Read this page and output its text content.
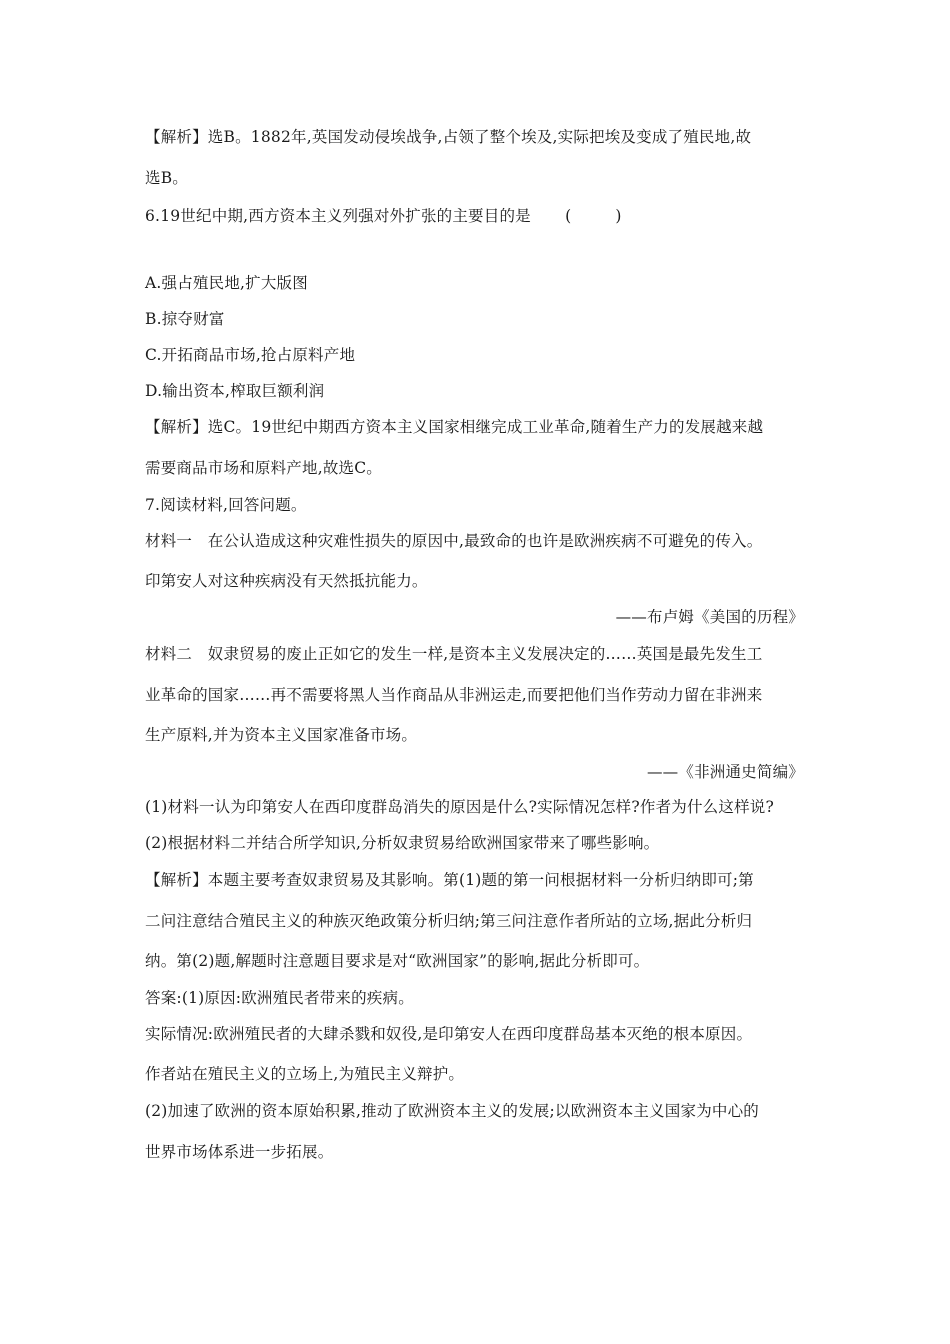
【解析】选B。1882年,英国发动侵埃战争,占领了整个埃及,实际把埃及变成了殖民地,故
选B。
6.19世纪中期,西方资本主义列强对外扩张的主要目的是 (	)
A.强占殖民地,扩大版图
B.掠夺财富
C.开拓商品市场,抢占原料产地
D.输出资本,榨取巨额利润
【解析】选C。19世纪中期西方资本主义国家相继完成工业革命,随着生产力的发展越来越
需要商品市场和原料产地,故选C。
7.阅读材料,回答问题。
材料一　在公认造成这种灾难性损失的原因中,最致命的也许是欧洲疾病不可避免的传入。
印第安人对这种疾病没有天然抵抗能力。
——布卢姆《美国的历程》
材料二　奴隶贸易的废止正如它的发生一样,是资本主义发展决定的……英国是最先发生工
业革命的国家……再不需要将黑人当作商品从非洲运走,而要把他们当作劳动力留在非洲来
生产原料,并为资本主义国家准备市场。
——《非洲通史简编》
(1)材料一认为印第安人在西印度群岛消失的原因是什么?实际情况怎样?作者为什么这样说?
(2)根据材料二并结合所学知识,分析奴隶贸易给欧洲国家带来了哪些影响。
【解析】本题主要考查奴隶贸易及其影响。第(1)题的第一问根据材料一分析归纳即可;第
二问注意结合殖民主义的种族灭绝政策分析归纳;第三问注意作者所站的立场,据此分析归
纳。第(2)题,解题时注意题目要求是对“欧洲国家”的影响,据此分析即可。
答案:(1)原因:欧洲殖民者带来的疾病。
实际情况:欧洲殖民者的大肆杀戮和奴役,是印第安人在西印度群岛基本灭绝的根本原因。
作者站在殖民主义的立场上,为殖民主义辩护。
(2)加速了欧洲的资本原始积累,推动了欧洲资本主义的发展;以欧洲资本主义国家为中心的
世界市场体系进一步拓展。
